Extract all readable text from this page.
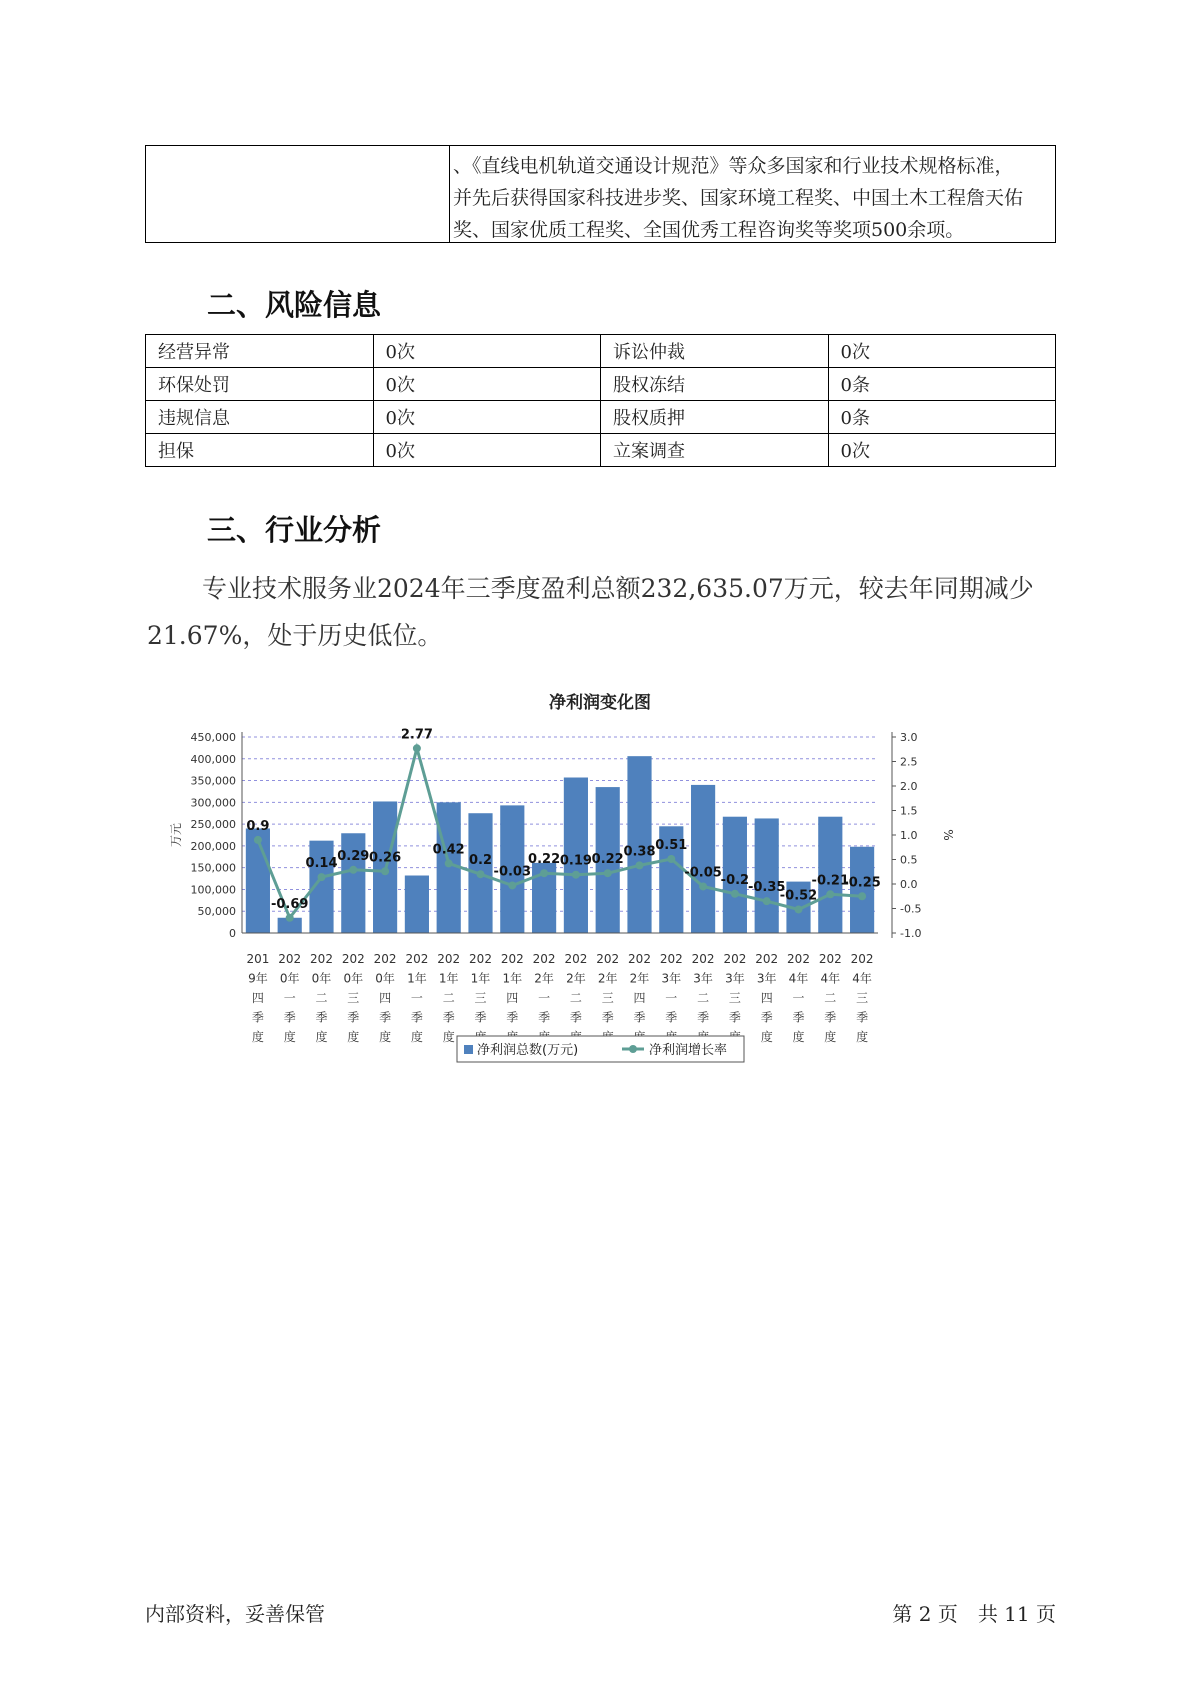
、《直线电机轨道交通设计规范》等众多国家和行业技术规格标准，
并先后获得国家科技进步奖、国家环境工程奖、中国土木工程詹天佑
奖、国家优质工程奖、全国优秀工程咨询奖等奖项500余项。
二、风险信息
经营异常	0次	诉讼仲裁	0次
环保处罚	0次	股权冻结	0条
违规信息	0次	股权质押	0条
担保	0次	立案调查	0次
三、行业分析
专业技术服务业2024年三季度盈利总额232,635.07万元，较去年同期减少21.67%，处于历史低位。
净利润变化图
0.9
-0.69
0.14 0.29 0.26
2.77
0.42
0.2
-0.03
0.22 0.19 0.22
0.38 0.51
-0.05
-0.2
-0.35
-0.52
-0.21
-0.25
450,000
400,000
350,000
300,000
250,000
200,000
150,000
100,000
50,000
0
3.0
2.5
2.0
1.5
1.0
0.5
0.0
-0.5
-1.0
万元	%
201
9年
四
季
度
202
0年
一
季
度
202
0年
二
季
度
202
0年
三
季
度
202
0年
四
季
度
202
1年
一
季
度
202
1年
二
季
度
202
1年
三
季
202
1年
四
季
202
2年
一
季
202
2年
二
季
202
2年
三
季
202
2年
四
季
202
3年
一
季
202
3年
二
季
202
3年
三
季
202
3年
四
季
度
202
4年
一
季
度
202
4年
二
季
度
202
4年
三
季
度
净利润总数(万元)	净利润增长率
内部资料，妥善保管	第 2 页　共 11 页
